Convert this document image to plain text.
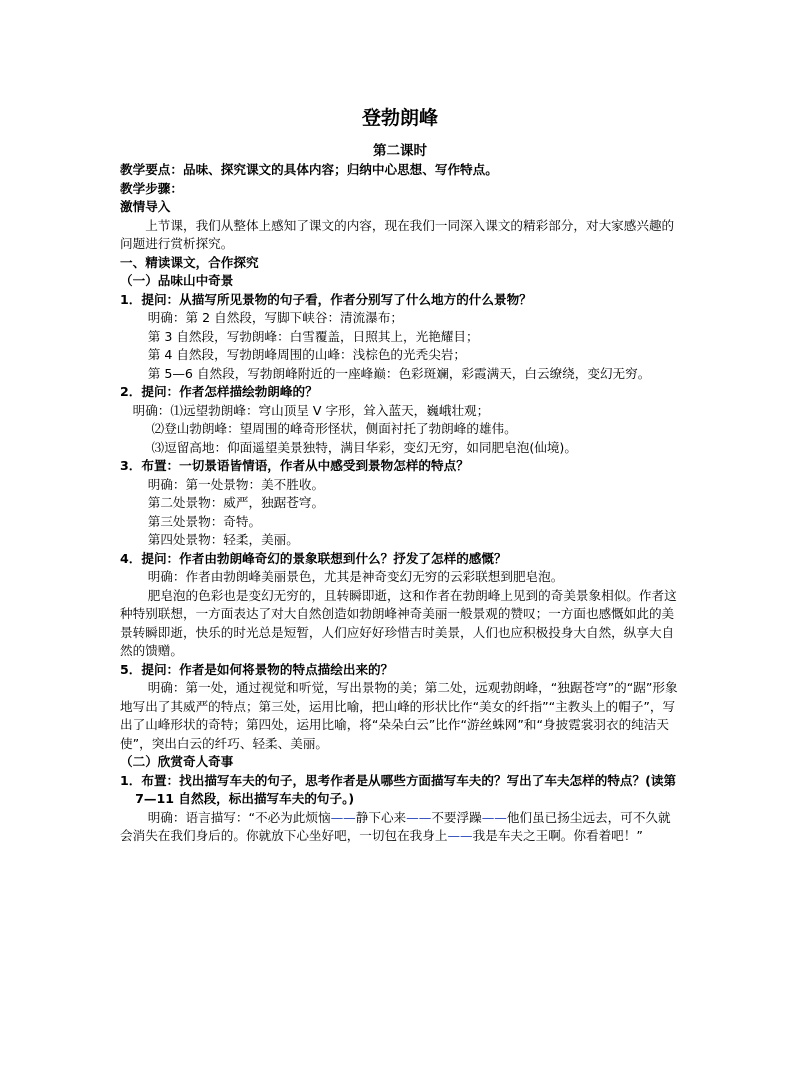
登勃朗峰

第二课时

教学要点：品味、探究课文的具体内容；归纳中心思想、写作特点。

教学步骤：

激情导入

上节课，我们从整体上感知了课文的内容，现在我们一同深入课文的精彩部分，对大家感兴趣的问题进行赏析探究。

一、精读课文，合作探究

（一）品味山中奇景

1．提问：从描写所见景物的句子看，作者分别写了什么地方的什么景物？

明确：第 2 自然段，写脚下峡谷：清流瀑布；

第 3 自然段，写勃朗峰：白雪覆盖，日照其上，光艳耀目；

第 4 自然段，写勃朗峰周围的山峰：浅棕色的光秃尖岩；

第 5—6 自然段，写勃朗峰附近的一座峰巅：色彩斑斓，彩霞满天，白云缭绕，变幻无穷。

2．提问：作者怎样描绘勃朗峰的？

明确：⑴远望勃朗峰：穹山顶呈 V 字形，耸入蓝天，巍峨壮观；

⑵登山勃朗峰：望周围的峰奇形怪状，侧面衬托了勃朗峰的雄伟。

⑶逗留高地：仰面遥望美景独特，满目华彩，变幻无穷，如同肥皂泡(仙境)。

3．布置：一切景语皆情语，作者从中感受到景物怎样的特点？

明确：第一处景物：美不胜收。

第二处景物：威严，独踞苍穹。

第三处景物：奇特。

第四处景物：轻柔，美丽。

4．提问：作者由勃朗峰奇幻的景象联想到什么？抒发了怎样的感慨？

明确：作者由勃朗峰美丽景色，尤其是神奇变幻无穷的云彩联想到肥皂泡。

肥皂泡的色彩也是变幻无穷的，且转瞬即逝，这和作者在勃朗峰上见到的奇美景象相似。作者这种特别联想，一方面表达了对大自然创造如勃朗峰神奇美丽一般景观的赞叹；一方面也感慨如此的美景转瞬即逝，快乐的时光总是短暂，人们应好好珍惜吉时美景，人们也应积极投身大自然，纵享大自然的馈赠。

5．提问：作者是如何将景物的特点描绘出来的？

明确：第一处，通过视觉和听觉，写出景物的美；第二处，远观勃朗峰，“独踞苍穹”的“踞”形象地写出了其威严的特点；第三处，运用比喻，把山峰的形状比作“美女的纤指”“主教头上的帽子”，写出了山峰形状的奇特；第四处，运用比喻，将“朵朵白云”比作“游丝蛛网”和“身披霓裳羽衣的纯洁天使”，突出白云的纤巧、轻柔、美丽。

（二）欣赏奇人奇事

1．布置：找出描写车夫的句子，思考作者是从哪些方面描写车夫的？写出了车夫怎样的特点？(读第 7—11 自然段，标出描写车夫的句子。)

明确：语言描写：“不必为此烦恼——静下心来——不要浮躁——他们虽已扬尘远去，可不久就会消失在我们身后的。你就放下心坐好吧，一切包在我身上——我是车夫之王啊。你看着吧！”
